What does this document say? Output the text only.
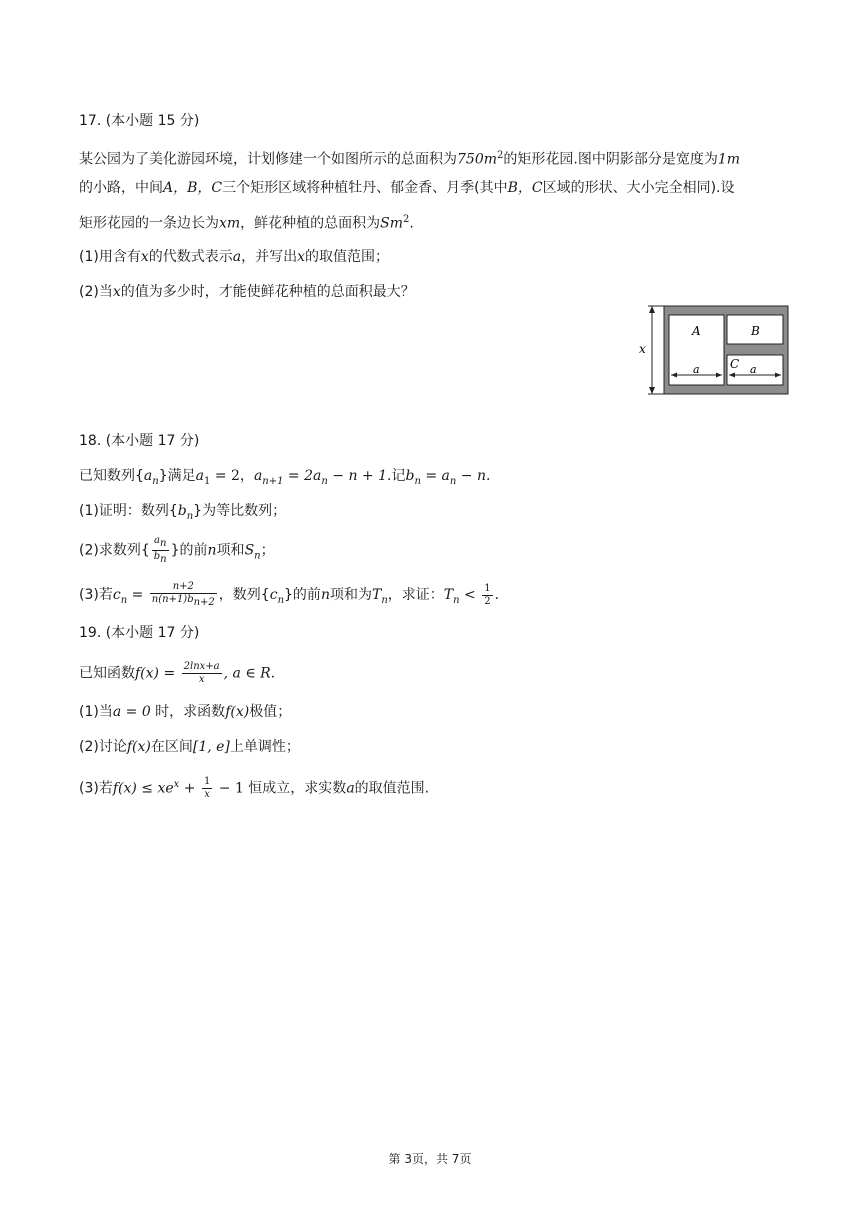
17. (本小题 15 分)
某公园为了美化游园环境，计划修建一个如图所示的总面积为$750m^2$的矩形花园.图中阴影部分是宽度为1m
的小路，中间A，B，C三个矩形区域将种植牡丹、郁金香、月季(其中B，C区域的形状、大小完全相同).设
矩形花园的一条边长为xm，鲜花种植的总面积为Sm$^2$.
(1)用含有x的代数式表示a，并写出x的取值范围；
(2)当x的值为多少时，才能使鲜花种植的总面积最大？
x
A	B
C
a	a
18. (本小题 17 分)
已知数列$\{a_n\}$满足$a_1 = 2$，$a_{n+1} = 2a_n - n + 1$.记$b_n = a_n - n$.
(1)证明：数列$\{b_n\}$为等比数列；
(2)求数列{ $\frac{a_n}{b_n}$ }的前n项和$S_n$；
(3)若$c_n = \frac{n+2}{n(n+1)b_{n+2}}$ ，数列$\{c_n\}$的前n项和为$T_n$，求证：$T_n < \frac{1}{2}$ .
19. (本小题 17 分)
已知函数$f(x) = \frac{2\ln x+a}{x}$ , a ∈ R.
(1)当a = 0 时，求函数f(x)极值；
(2)讨论f(x)在区间[1, e]上单调性；
(3)若$f(x) \le xe^x + \frac{1}{x} - 1$ 恒成立，求实数a的取值范围.
第 3页，共 7页
